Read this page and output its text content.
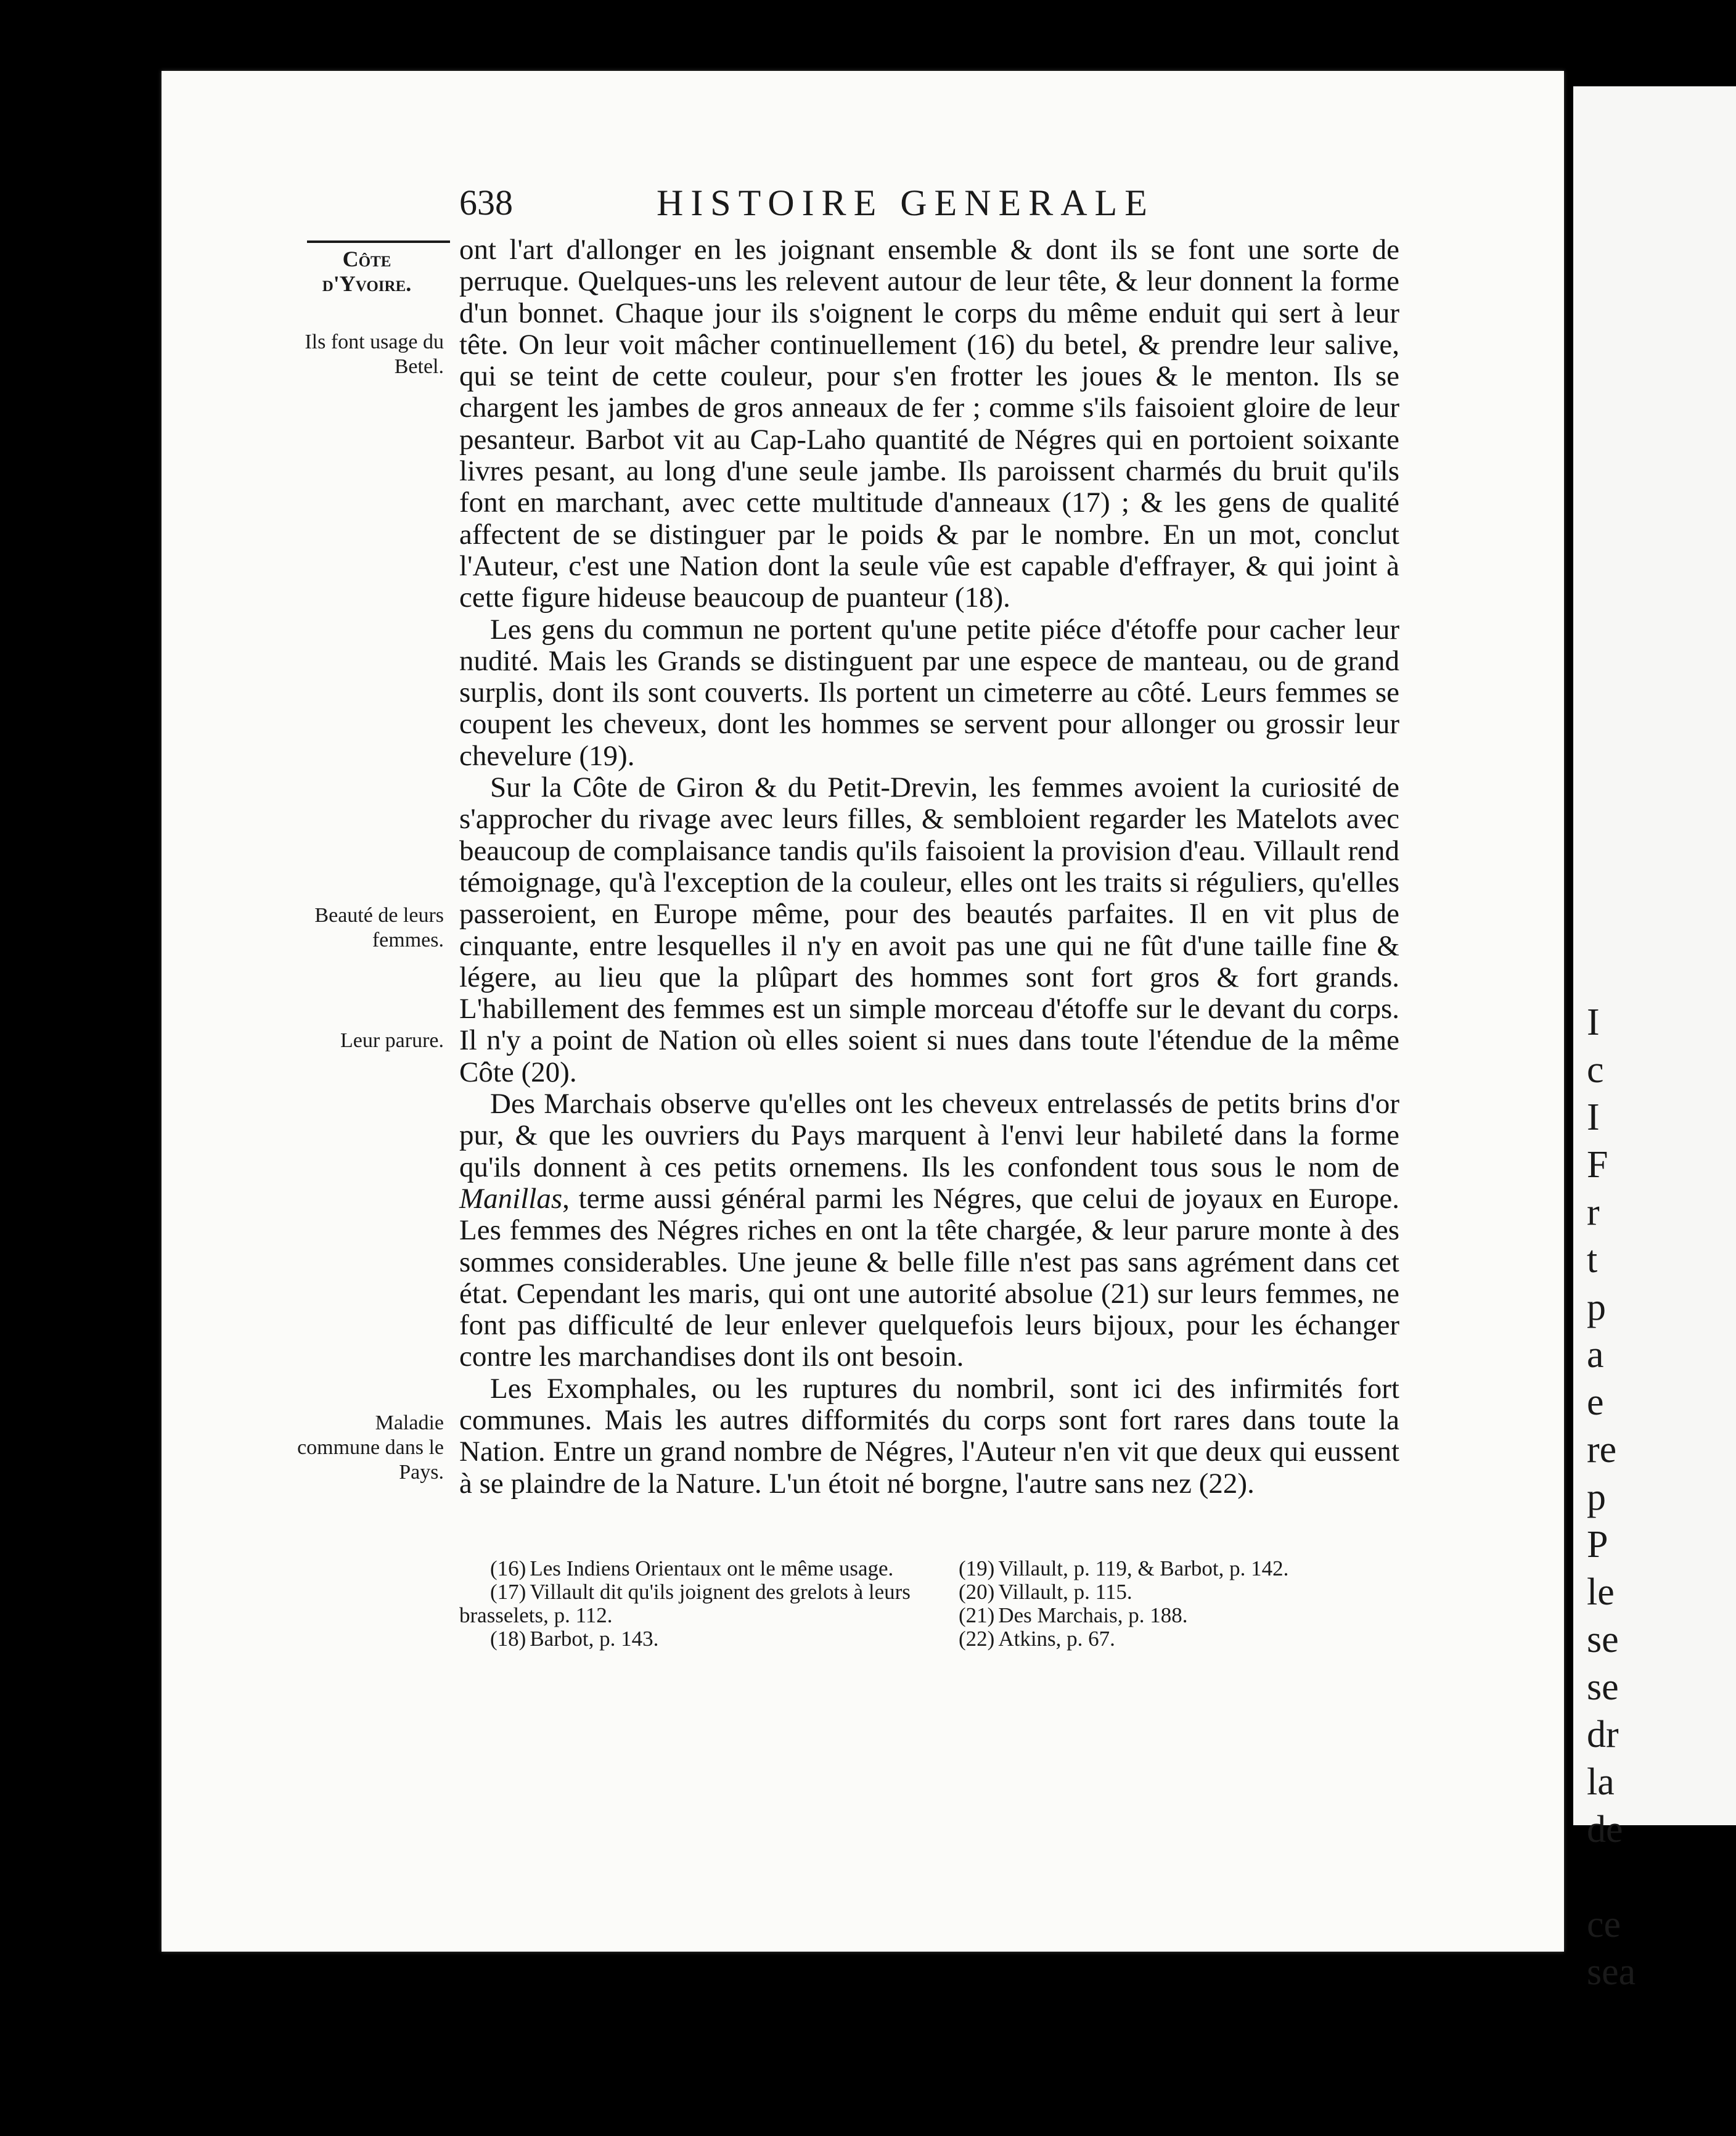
I
c
I
F
r
t
p
a
e
re
p
P
le
se
se
dr
la
de

ce
sea
638	HISTOIRE GENERALE
Côte
d'Yvoire.
Ils font usage du Betel.
Beauté de leurs femmes.
Leur parure.
Maladie commune dans le Pays.

ont l'art d'allonger en les joignant ensemble & dont ils se font une sorte de perruque. Quelques-uns les relevent autour de leur tête, & leur donnent la forme d'un bonnet. Chaque jour ils s'oignent le corps du même enduit qui sert à leur tête. On leur voit mâcher continuellement (16) du betel, & prendre leur salive, qui se teint de cette couleur, pour s'en frotter les joues & le menton. Ils se chargent les jambes de gros anneaux de fer ; comme s'ils faisoient gloire de leur pesanteur. Barbot vit au Cap-Laho quantité de Négres qui en portoient soixante livres pesant, au long d'une seule jambe. Ils paroissent charmés du bruit qu'ils font en marchant, avec cette multitude d'anneaux (17) ; & les gens de qualité affectent de se distinguer par le poids & par le nombre. En un mot, conclut l'Auteur, c'est une Nation dont la seule vûe est capable d'effrayer, & qui joint à cette figure hideuse beaucoup de puanteur (18).

Les gens du commun ne portent qu'une petite piéce d'étoffe pour cacher leur nudité. Mais les Grands se distinguent par une espece de manteau, ou de grand surplis, dont ils sont couverts. Ils portent un cimeterre au côté. Leurs femmes se coupent les cheveux, dont les hommes se servent pour allonger ou grossir leur chevelure (19).

Sur la Côte de Giron & du Petit-Drevin, les femmes avoient la curiosité de s'approcher du rivage avec leurs filles, & sembloient regarder les Matelots avec beaucoup de complaisance tandis qu'ils faisoient la provision d'eau. Villault rend témoignage, qu'à l'exception de la couleur, elles ont les traits si réguliers, qu'elles passeroient, en Europe même, pour des beautés parfaites. Il en vit plus de cinquante, entre lesquelles il n'y en avoit pas une qui ne fût d'une taille fine & légere, au lieu que la plûpart des hommes sont fort gros & fort grands. L'habillement des femmes est un simple morceau d'étoffe sur le devant du corps. Il n'y a point de Nation où elles soient si nues dans toute l'étendue de la même Côte (20).

Des Marchais observe qu'elles ont les cheveux entrelassés de petits brins d'or pur, & que les ouvriers du Pays marquent à l'envi leur habileté dans la forme qu'ils donnent à ces petits ornemens. Ils les confondent tous sous le nom de Manillas, terme aussi général parmi les Négres, que celui de joyaux en Europe. Les femmes des Négres riches en ont la tête chargée, & leur parure monte à des sommes considerables. Une jeune & belle fille n'est pas sans agrément dans cet état. Cependant les maris, qui ont une autorité absolue (21) sur leurs femmes, ne font pas difficulté de leur enlever quelquefois leurs bijoux, pour les échanger contre les marchandises dont ils ont besoin.

Les Exomphales, ou les ruptures du nombril, sont ici des infirmités fort communes. Mais les autres difformités du corps sont fort rares dans toute la Nation. Entre un grand nombre de Négres, l'Auteur n'en vit que deux qui eussent à se plaindre de la Nature. L'un étoit né borgne, l'autre sans nez (22).

(16) Les Indiens Orientaux ont le même usage.

(17) Villault dit qu'ils joignent des grelots à leurs brasselets, p. 112.

(18) Barbot, p. 143.

(19) Villault, p. 119, & Barbot, p. 142.

(20) Villault, p. 115.

(21) Des Marchais, p. 188.

(22) Atkins, p. 67.
